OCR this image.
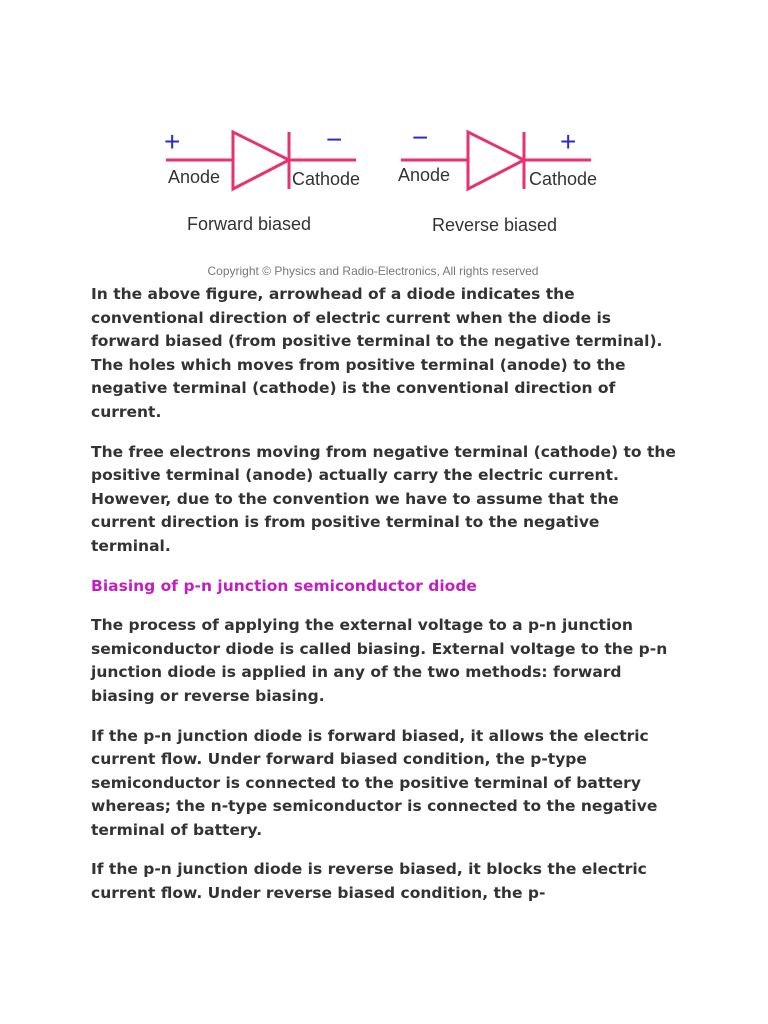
+	−
Anode	Cathode
Forward biased
−	+
Anode	Cathode
Reverse biased
Copyright © Physics and Radio-Electronics, All rights reserved

In the above figure, arrowhead of a diode indicates the conventional direction of electric current when the diode is forward biased (from positive terminal to the negative terminal). The holes which moves from positive terminal (anode) to the negative terminal (cathode) is the conventional direction of current.

The free electrons moving from negative terminal (cathode) to the positive terminal (anode) actually carry the electric current. However, due to the convention we have to assume that the current direction is from positive terminal to the negative terminal.

Biasing of p-n junction semiconductor diode

The process of applying the external voltage to a p-n junction semiconductor diode is called biasing. External voltage to the p-n junction diode is applied in any of the two methods: forward biasing or reverse biasing.

If the p-n junction diode is forward biased, it allows the electric current flow. Under forward biased condition, the p-type semiconductor is connected to the positive terminal of battery whereas; the n-type semiconductor is connected to the negative terminal of battery.

If the p-n junction diode is reverse biased, it blocks the electric current flow. Under reverse biased condition, the p-
